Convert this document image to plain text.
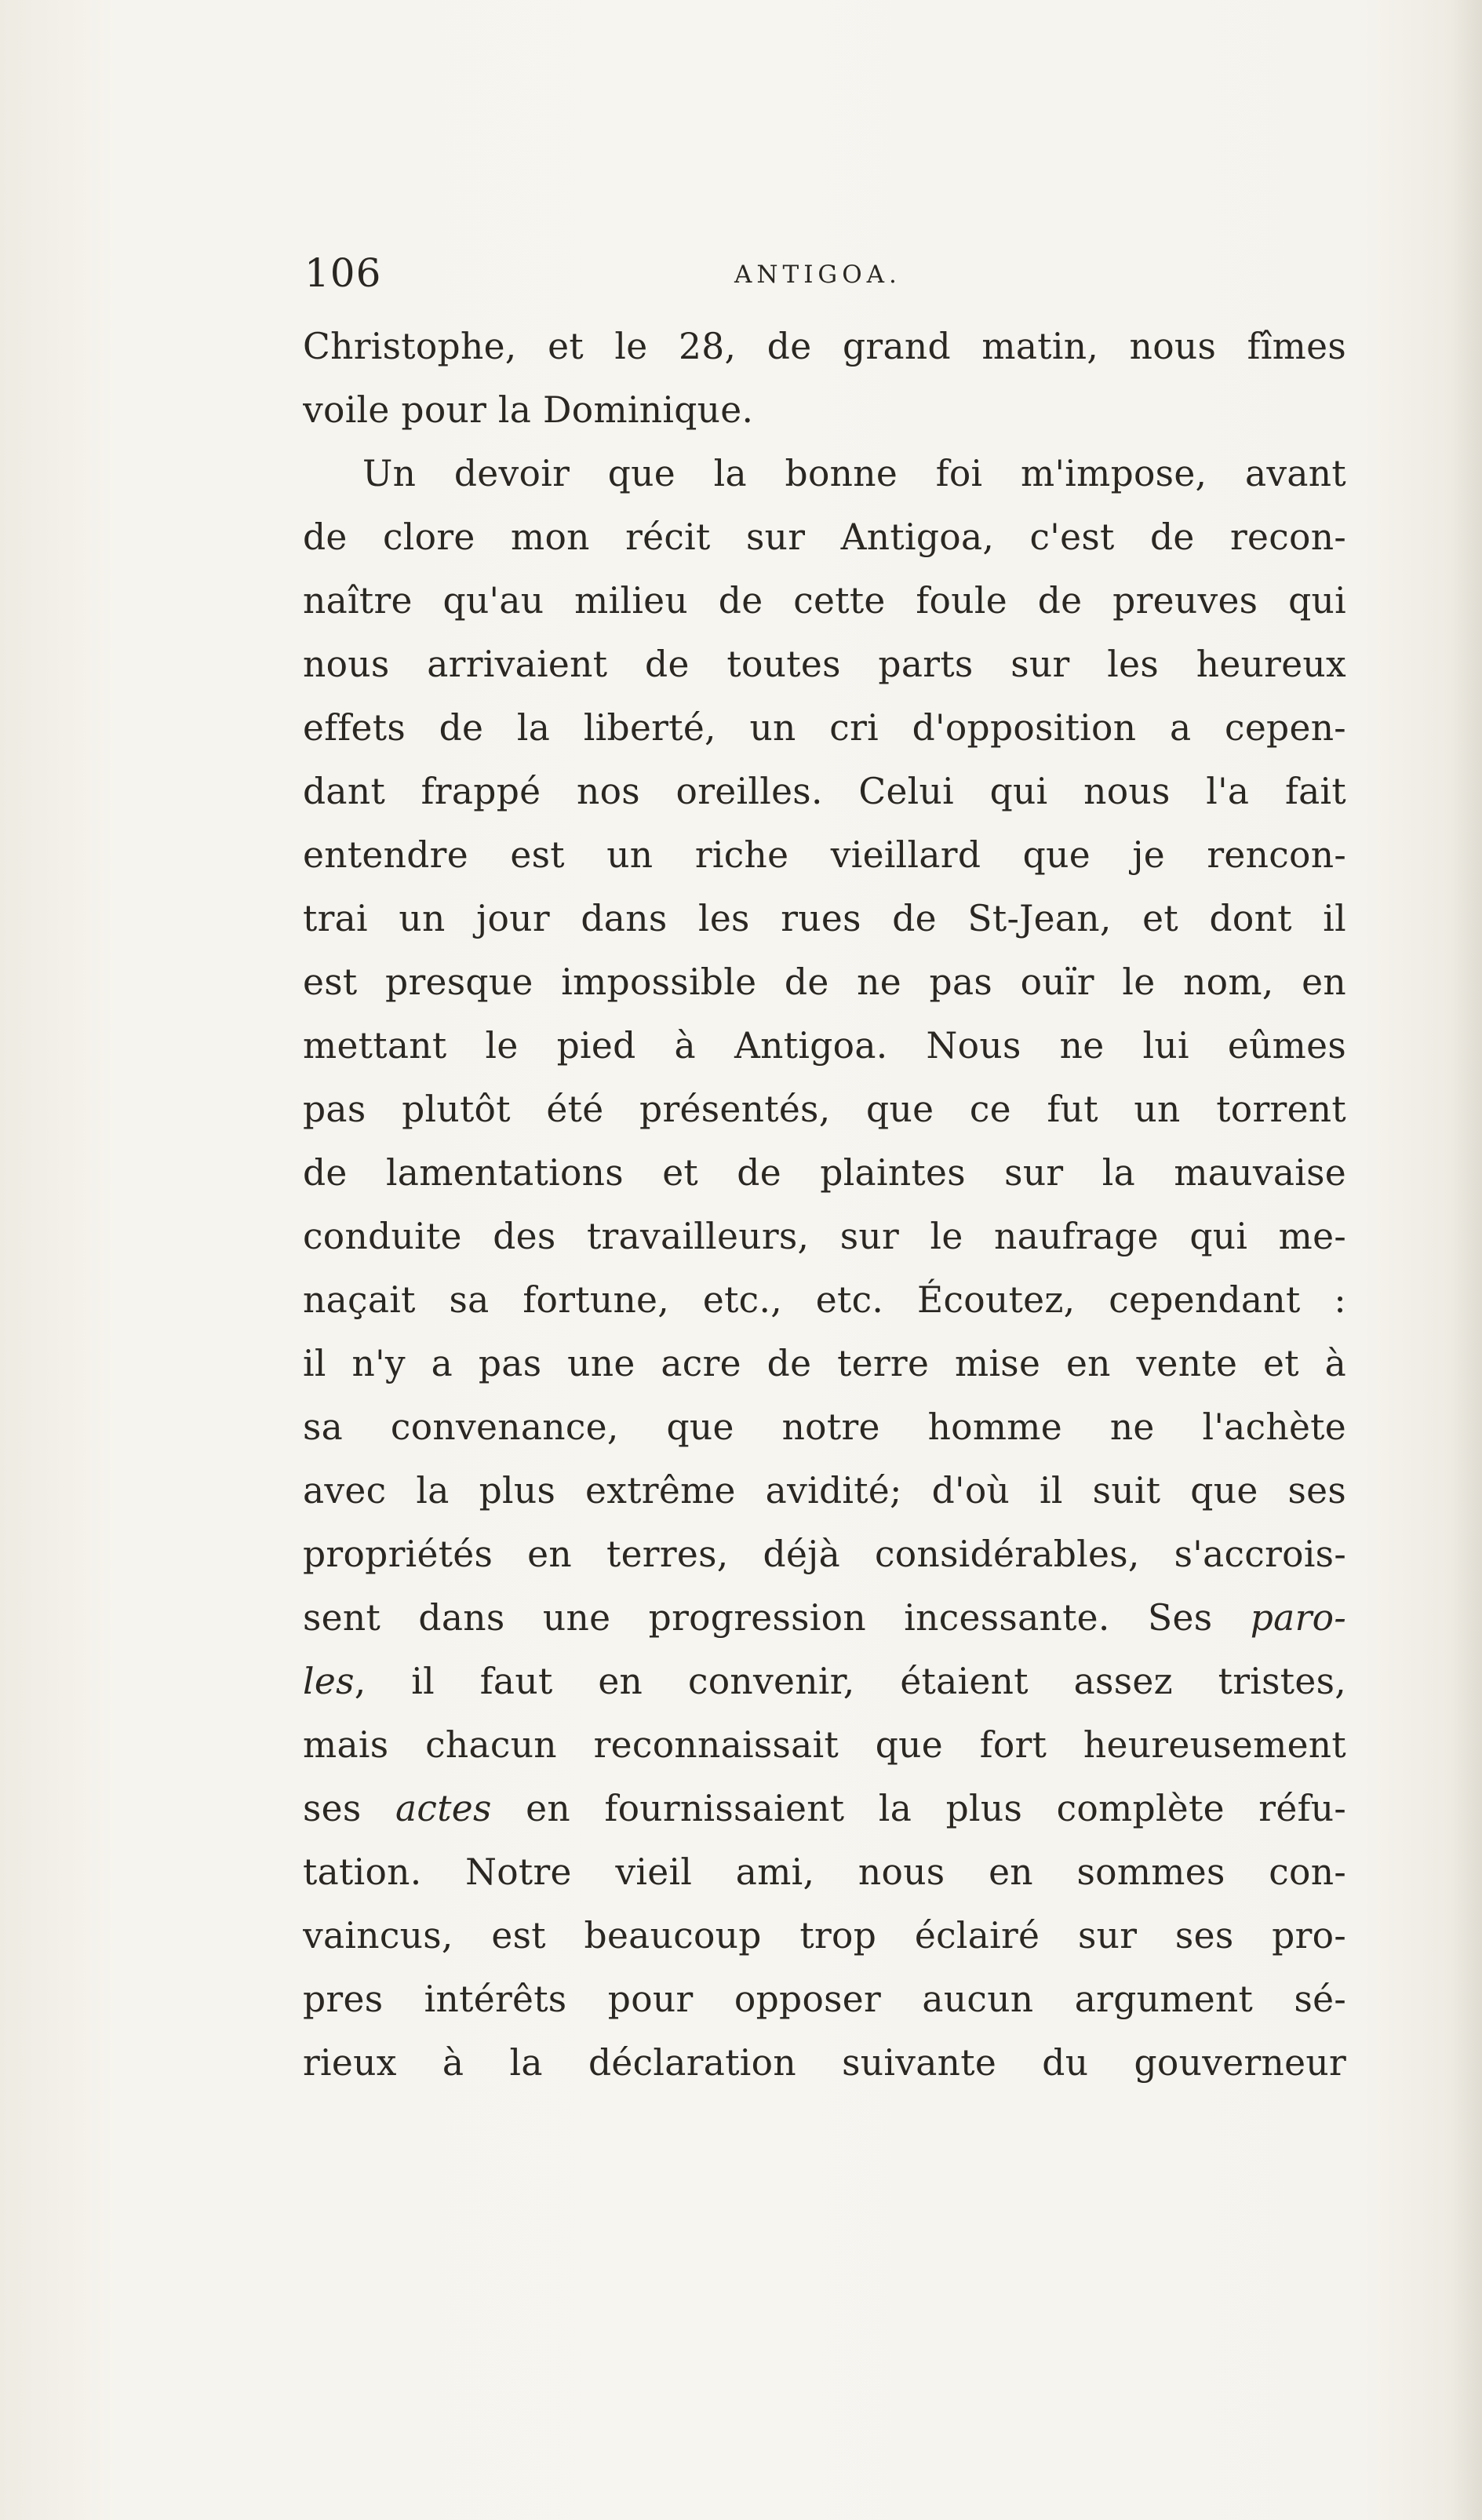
106	ANTIGOA.
Christophe, et le 28, de grand matin, nous fîmes
voile pour la Dominique.
Un devoir que la bonne foi m'impose, avant
de clore mon récit sur Antigoa, c'est de recon-
naître qu'au milieu de cette foule de preuves qui
nous arrivaient de toutes parts sur les heureux
effets de la liberté, un cri d'opposition a cepen-
dant frappé nos oreilles. Celui qui nous l'a fait
entendre est un riche vieillard que je rencon-
trai un jour dans les rues de St-Jean, et dont il
est presque impossible de ne pas ouïr le nom, en
mettant le pied à Antigoa. Nous ne lui eûmes
pas plutôt été présentés, que ce fut un torrent
de lamentations et de plaintes sur la mauvaise
conduite des travailleurs, sur le naufrage qui me-
naçait sa fortune, etc., etc. Écoutez, cependant :
il n'y a pas une acre de terre mise en vente et à
sa convenance, que notre homme ne l'achète
avec la plus extrême avidité; d'où il suit que ses
propriétés en terres, déjà considérables, s'accrois-
sent dans une progression incessante. Ses paro-
les, il faut en convenir, étaient assez tristes,
mais chacun reconnaissait que fort heureusement
ses actes en fournissaient la plus complète réfu-
tation. Notre vieil ami, nous en sommes con-
vaincus, est beaucoup trop éclairé sur ses pro-
pres intérêts pour opposer aucun argument sé-
rieux à la déclaration suivante du gouverneur
